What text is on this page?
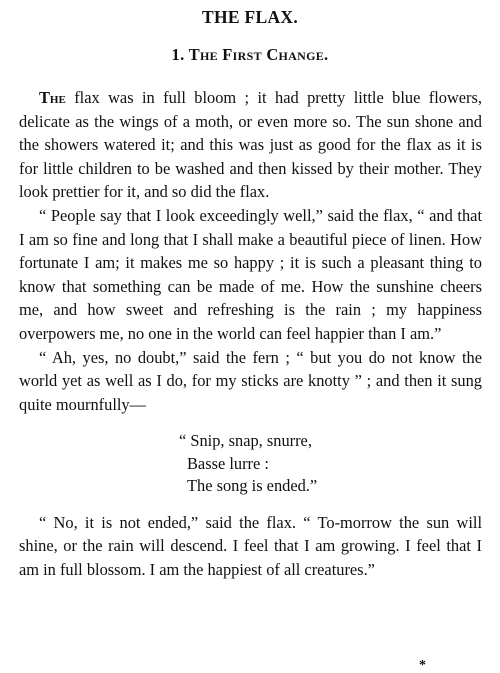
THE FLAX.
1. The First Change.

The flax was in full bloom ; it had pretty little blue flowers, delicate as the wings of a moth, or even more so. The sun shone and the showers watered it; and this was just as good for the flax as it is for little children to be washed and then kissed by their mother. They look prettier for it, and so did the flax.

“ People say that I look exceedingly well,” said the flax, “ and that I am so fine and long that I shall make a beautiful piece of linen. How fortunate I am; it makes me so happy ; it is such a pleasant thing to know that something can be made of me. How the sunshine cheers me, and how sweet and refreshing is the rain ; my happiness overpowers me, no one in the world can feel happier than I am.”

“ Ah, yes, no doubt,” said the fern ; “ but you do not know the world yet as well as I do, for my sticks are knotty ” ; and then it sung quite mournfully—

“ Snip, snap, snurre,
Basse lurre :
The song is ended.”

“ No, it is not ended,” said the flax. “ To-morrow the sun will shine, or the rain will descend. I feel that I am growing. I feel that I am in full blossom. I am the happiest of all creatures.”

*
